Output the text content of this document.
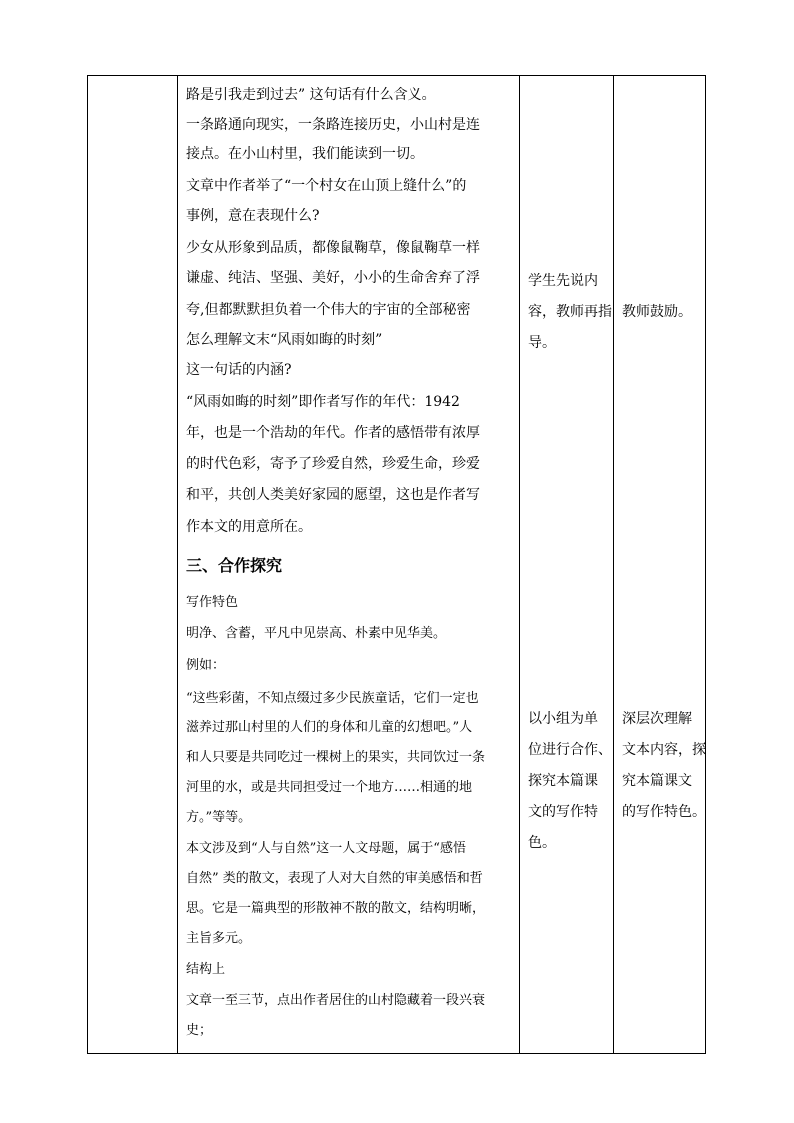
路是引我走到过去” 这句话有什么含义。
一条路通向现实，一条路连接历史，小山村是连
接点。在小山村里，我们能读到一切。
文章中作者举了“一个村女在山顶上缝什么”的
事例，意在表现什么?
少女从形象到品质，都像鼠鞠草，像鼠鞠草一样
谦虚、纯洁、坚强、美好，小小的生命舍弃了浮
夸,但都默默担负着一个伟大的宇宙的全部秘密
怎么理解文末“风雨如晦的时刻”
这一句话的内涵?
“风雨如晦的时刻”即作者写作的年代：1942
年，也是一个浩劫的年代。作者的感悟带有浓厚
的时代色彩，寄予了珍爱自然，珍爱生命，珍爱
和平，共创人类美好家园的愿望，这也是作者写
作本文的用意所在。
三、合作探究
写作特色
明净、含蓄，平凡中见崇高、朴素中见华美。
例如：
“这些彩菌，不知点缀过多少民族童话，它们一定也
滋养过那山村里的人们的身体和儿童的幻想吧。”人
和人只要是共同吃过一棵树上的果实，共同饮过一条
河里的水，或是共同担受过一个地方……相通的地
方。”等等。
本文涉及到“人与自然”这一人文母题，属于“感悟
自然” 类的散文，表现了人对大自然的审美感悟和哲
思。它是一篇典型的形散神不散的散文，结构明晰，
主旨多元。
结构上
文章一至三节，点出作者居住的山村隐藏着一段兴衰
史；
学生先说内
容，教师再指
导。
以小组为单
位进行合作、
探究本篇课
文的写作特
色。
教师鼓励。
深层次理解
文本内容，探
究本篇课文
的写作特色。
